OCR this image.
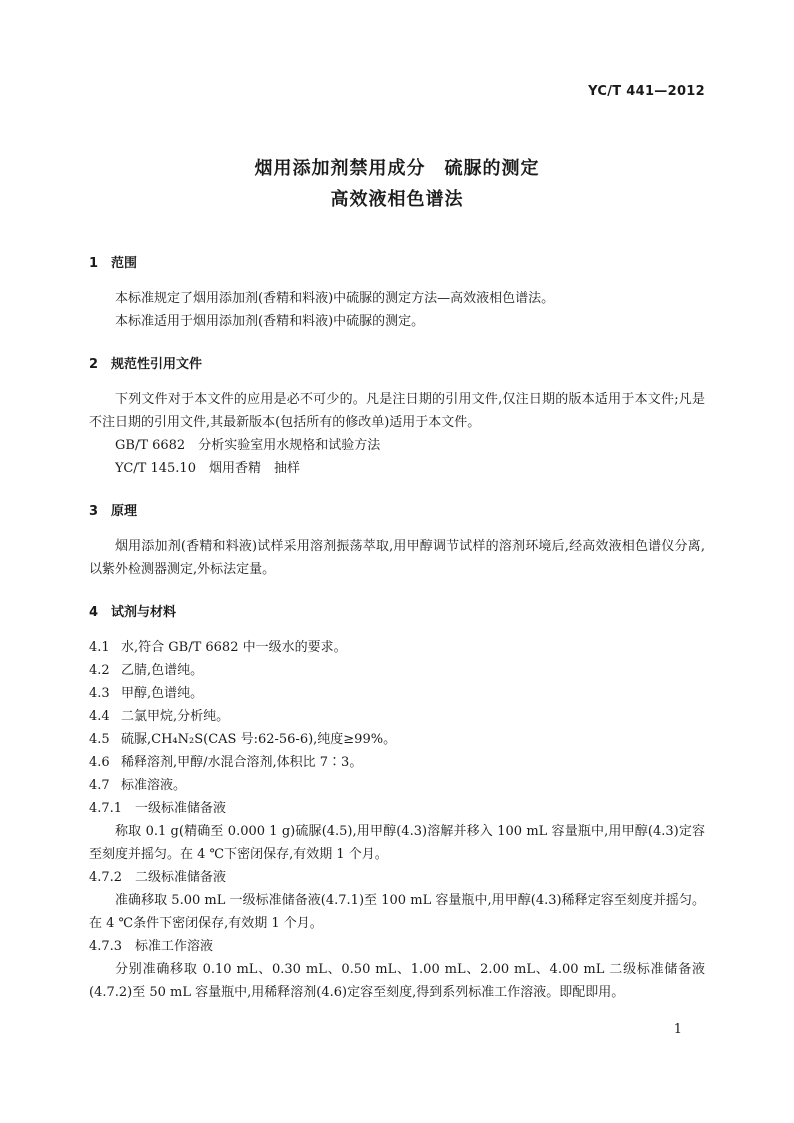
YC/T 441—2012
烟用添加剂禁用成分　硫脲的测定
高效液相色谱法
1 范围
本标准规定了烟用添加剂(香精和料液)中硫脲的测定方法—高效液相色谱法。
本标准适用于烟用添加剂(香精和料液)中硫脲的测定。
2 规范性引用文件
下列文件对于本文件的应用是必不可少的。凡是注日期的引用文件,仅注日期的版本适用于本文件;凡是不注日期的引用文件,其最新版本(包括所有的修改单)适用于本文件。
GB/T 6682　分析实验室用水规格和试验方法
YC/T 145.10　烟用香精　抽样
3 原理
烟用添加剂(香精和料液)试样采用溶剂振荡萃取,用甲醇调节试样的溶剂环境后,经高效液相色谱仪分离,以紫外检测器测定,外标法定量。
4 试剂与材料
4.1 水,符合 GB/T 6682 中一级水的要求。
4.2 乙腈,色谱纯。
4.3 甲醇,色谱纯。
4.4 二氯甲烷,分析纯。
4.5 硫脲,CH₄N₂S(CAS 号:62-56-6),纯度≥99%。
4.6 稀释溶剂,甲醇/水混合溶剂,体积比 7∶3。
4.7 标准溶液。
4.7.1 一级标准储备液
称取 0.1 g(精确至 0.000 1 g)硫脲(4.5),用甲醇(4.3)溶解并移入 100 mL 容量瓶中,用甲醇(4.3)定容至刻度并摇匀。在 4 ℃下密闭保存,有效期 1 个月。
4.7.2 二级标准储备液
准确移取 5.00 mL 一级标准储备液(4.7.1)至 100 mL 容量瓶中,用甲醇(4.3)稀释定容至刻度并摇匀。在 4 ℃条件下密闭保存,有效期 1 个月。
4.7.3 标准工作溶液
分别准确移取 0.10 mL、0.30 mL、0.50 mL、1.00 mL、2.00 mL、4.00 mL 二级标准储备液(4.7.2)至 50 mL 容量瓶中,用稀释溶剂(4.6)定容至刻度,得到系列标准工作溶液。即配即用。
1
